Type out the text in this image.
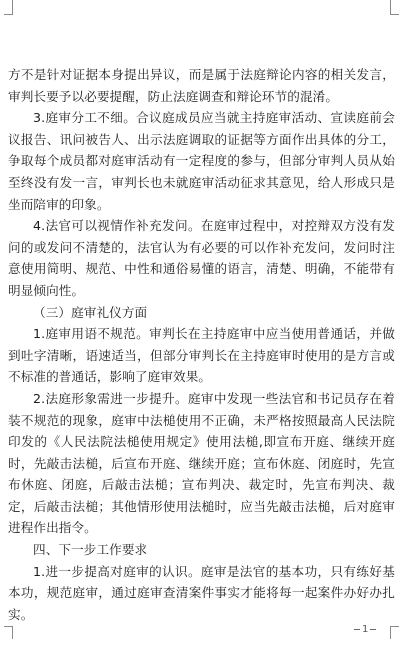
方不是针对证据本身提出异议，而是属于法庭辩论内容的相关发言，审判长要予以必要提醒，防止法庭调查和辩论环节的混淆。

3.庭审分工不细。合议庭成员应当就主持庭审活动、宣读庭前会议报告、讯问被告人、出示法庭调取的证据等方面作出具体的分工，争取每个成员都对庭审活动有一定程度的参与，但部分审判人员从始至终没有发一言，审判长也未就庭审活动征求其意见，给人形成只是坐而陪审的印象。

4.法官可以视情作补充发问。在庭审过程中，对控辩双方没有发问的或发问不清楚的，法官认为有必要的可以作补充发问，发问时注意使用简明、规范、中性和通俗易懂的语言，清楚、明确，不能带有明显倾向性。

（三）庭审礼仪方面

1.庭审用语不规范。审判长在主持庭审中应当使用普通话，并做到吐字清晰，语速适当，但部分审判长在主持庭审时使用的是方言或不标准的普通话，影响了庭审效果。

2.法庭形象需进一步提升。庭审中发现一些法官和书记员存在着装不规范的现象，庭审中法槌使用不正确，未严格按照最高人民法院印发的《人民法院法槌使用规定》使用法槌,即宣布开庭、继续开庭时，先敲击法槌，后宣布开庭、继续开庭；宣布休庭、闭庭时，先宣布休庭、闭庭，后敲击法槌；宣布判决、裁定时，先宣布判决、裁定，后敲击法槌；其他情形使用法槌时，应当先敲击法槌，后对庭审进程作出指令。

四、下一步工作要求

1.进一步提高对庭审的认识。庭审是法官的基本功，只有练好基本功，规范庭审，通过庭审查清案件事实才能将每一起案件办好办扎实。

1
